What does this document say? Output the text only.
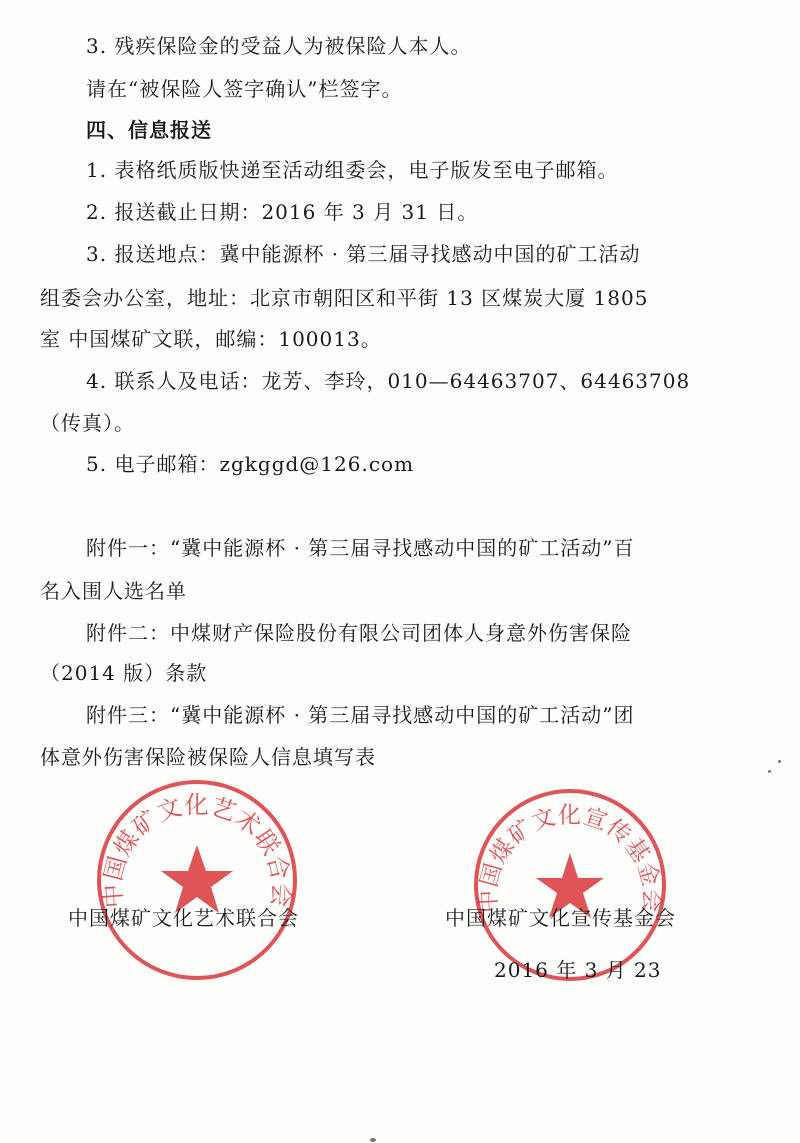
3. 残疾保险金的受益人为被保险人本人。
请在“被保险人签字确认”栏签字。
四、信息报送
1. 表格纸质版快递至活动组委会，电子版发至电子邮箱。
2. 报送截止日期：2016 年 3 月 31 日。
3. 报送地点：冀中能源杯 · 第三届寻找感动中国的矿工活动
组委会办公室，地址：北京市朝阳区和平街 13 区煤炭大厦 1805
室 中国煤矿文联，邮编：100013。
4. 联系人及电话：龙芳、李玲，010—64463707、64463708
（传真）。
5. 电子邮箱：zgkggd@126.com
附件一：“冀中能源杯 · 第三届寻找感动中国的矿工活动”百
名入围人选名单
附件二：中煤财产保险股份有限公司团体人身意外伤害保险
（2014 版）条款
附件三：“冀中能源杯 · 第三届寻找感动中国的矿工活动”团
体意外伤害保险被保险人信息填写表
中国煤矿文化艺术联合会	中国煤矿文化宣传基金会
中国煤矿文化艺术联合会	中国煤矿文化宣传基金会
2016 年 3 月 23
